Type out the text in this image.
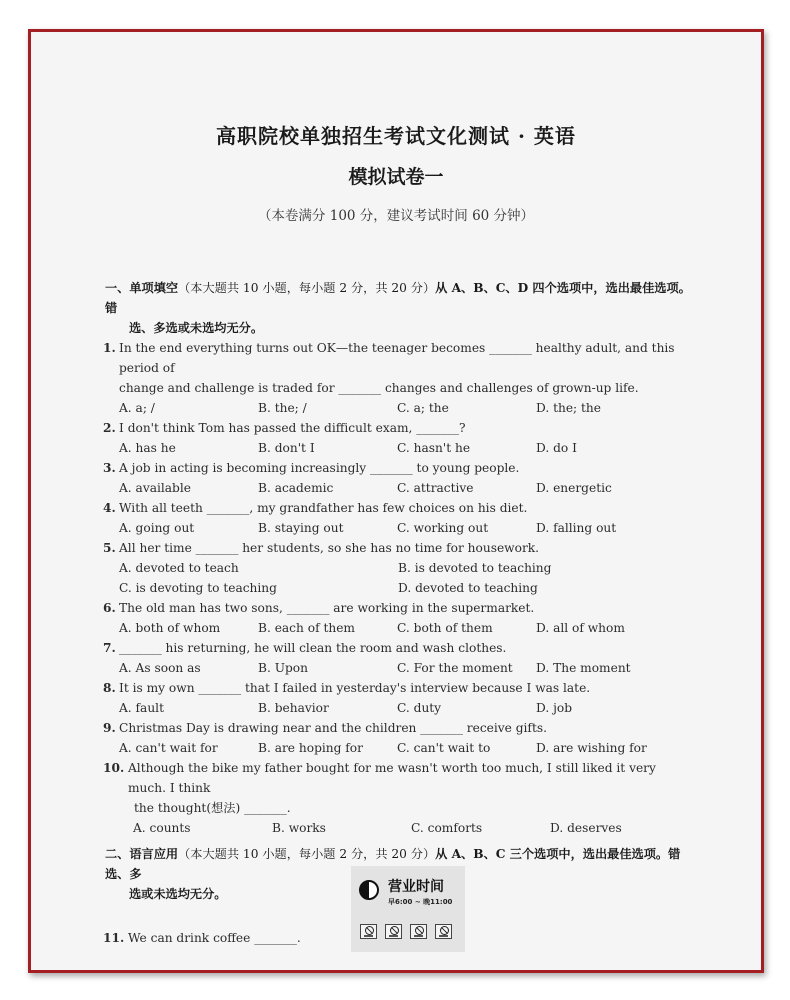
高职院校单独招生考试文化测试 · 英语
模拟试卷一
（本卷满分 100 分，建议考试时间 60 分钟）
一、单项填空（本大题共 10 小题，每小题 2 分，共 20 分）从 A、B、C、D 四个选项中，选出最佳选项。错
选、多选或未选均无分。
1. In the end everything turns out OK—the teenager becomes _______ healthy adult, and this period of
change and challenge is traded for _______ changes and challenges of grown-up life.
A. a; /	B. the; /	C. a; the	D. the; the
2. I don't think Tom has passed the difficult exam, _______?
A. has he	B. don't I	C. hasn't he	D. do I
3. A job in acting is becoming increasingly _______ to young people.
A. available	B. academic	C. attractive	D. energetic
4. With all teeth _______, my grandfather has few choices on his diet.
A. going out	B. staying out	C. working out	D. falling out
5. All her time _______ her students, so she has no time for housework.
A. devoted to teach	B. is devoted to teaching
C. is devoting to teaching	D. devoted to teaching
6. The old man has two sons, _______ are working in the supermarket.
A. both of whom	B. each of them	C. both of them	D. all of whom
7. _______ his returning, he will clean the room and wash clothes.
A. As soon as	B. Upon	C. For the moment	D. The moment
8. It is my own _______ that I failed in yesterday's interview because I was late.
A. fault	B. behavior	C. duty	D. job
9. Christmas Day is drawing near and the children _______ receive gifts.
A. can't wait for	B. are hoping for	C. can't wait to	D. are wishing for
10. Although the bike my father bought for me wasn't worth too much, I still liked it very much. I think
the thought(想法) _______.
A. counts	B. works	C. comforts	D. deserves
二、语言应用（本大题共 10 小题，每小题 2 分，共 20 分）从 A、B、C 三个选项中，选出最佳选项。错选、多
选或未选均无分。
11. We can drink coffee _______.
营业时间
早6:00 ~ 晚11:00
